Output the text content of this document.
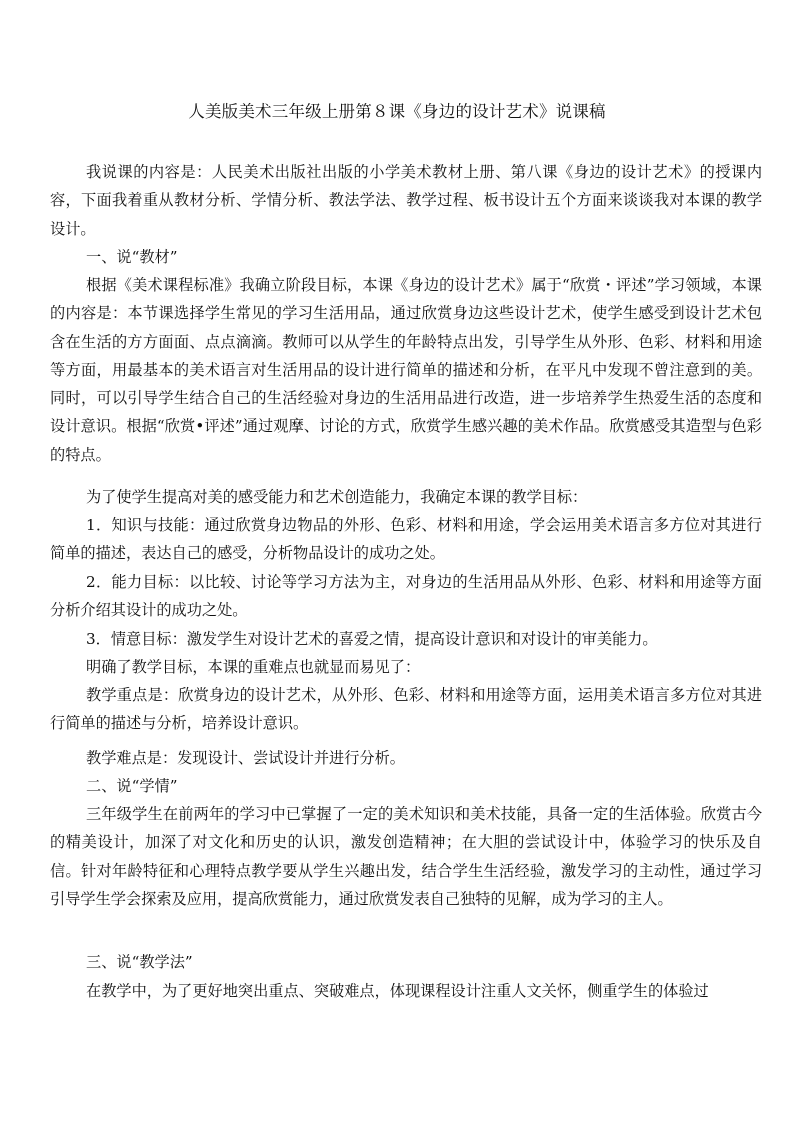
人美版美术三年级上册第８课《身边的设计艺术》说课稿

我说课的内容是：人民美术出版社出版的小学美术教材上册、第八课《身边的设计艺术》的授课内容，下面我着重从教材分析、学情分析、教法学法、教学过程、板书设计五个方面来谈谈我对本课的教学设计。

一、说“教材”

根据《美术课程标准》我确立阶段目标，本课《身边的设计艺术》属于“欣赏・评述”学习领域，本课的内容是：本节课选择学生常见的学习生活用品，通过欣赏身边这些设计艺术，使学生感受到设计艺术包含在生活的方方面面、点点滴滴。教师可以从学生的年龄特点出发，引导学生从外形、色彩、材料和用途等方面，用最基本的美术语言对生活用品的设计进行简单的描述和分析，在平凡中发现不曾注意到的美。同时，可以引导学生结合自己的生活经验对身边的生活用品进行改造，进一步培养学生热爱生活的态度和设计意识。根据“欣赏•评述”通过观摩、讨论的方式，欣赏学生感兴趣的美术作品。欣赏感受其造型与色彩的特点。

为了使学生提高对美的感受能力和艺术创造能力，我确定本课的教学目标：

1．知识与技能：通过欣赏身边物品的外形、色彩、材料和用途，学会运用美术语言多方位对其进行简单的描述，表达自己的感受，分析物品设计的成功之处。

2．能力目标：以比较、讨论等学习方法为主，对身边的生活用品从外形、色彩、材料和用途等方面分析介绍其设计的成功之处。

3．情意目标：激发学生对设计艺术的喜爱之情，提高设计意识和对设计的审美能力。

明确了教学目标，本课的重难点也就显而易见了：

教学重点是：欣赏身边的设计艺术，从外形、色彩、材料和用途等方面，运用美术语言多方位对其进行简单的描述与分析，培养设计意识。

教学难点是：发现设计、尝试设计并进行分析。

二、说“学情”

三年级学生在前两年的学习中已掌握了一定的美术知识和美术技能，具备一定的生活体验。欣赏古今的精美设计，加深了对文化和历史的认识，激发创造精神；在大胆的尝试设计中，体验学习的快乐及自信。针对年龄特征和心理特点教学要从学生兴趣出发，结合学生生活经验，激发学习的主动性，通过学习引导学生学会探索及应用，提高欣赏能力，通过欣赏发表自己独特的见解，成为学习的主人。

三、说“教学法”

在教学中，为了更好地突出重点、突破难点，体现课程设计注重人文关怀，侧重学生的体验过
